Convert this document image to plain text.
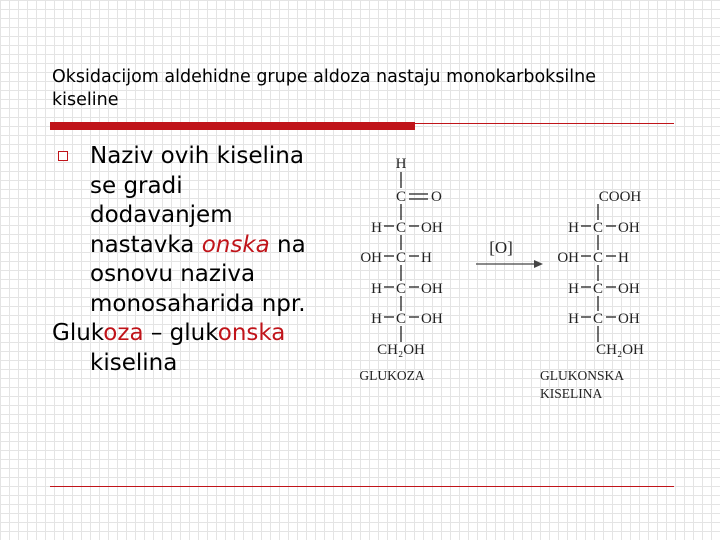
Oksidacijom aldehidne grupe aldoza nastaju monokarboksilne kiseline
Naziv ovih kiselina
se gradi
dodavanjem
nastavka onska na
osnovu naziva
monosaharida npr.
Glukoza – glukonska
kiselina
H
C O
H C OH
OH C H
H C OH
H C OH
CH₂OH
GLUKOZA
[O]
COOH
H C OH
OH C H
H C OH
H C OH
CH₂OH
GLUKONSKA
KISELINA
